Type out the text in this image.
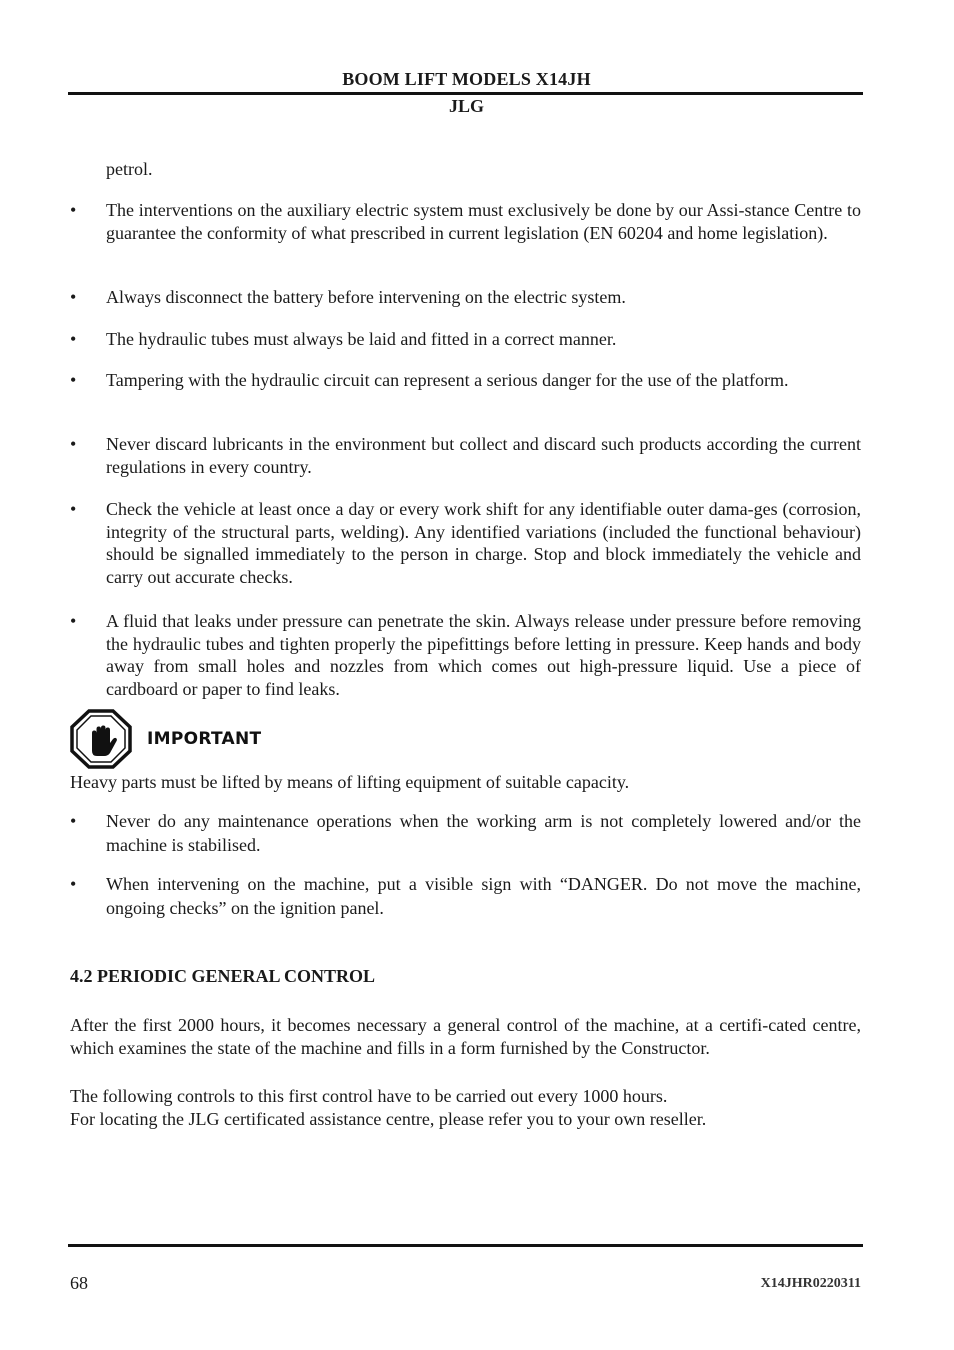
BOOM LIFT MODELS X14JH
JLG

petrol.

• The interventions on the auxiliary electric system must exclusively be done by our Assi-stance Centre to guarantee the conformity of what prescribed in current legislation (EN 60204 and home legislation).

• Always disconnect the battery before intervening on the electric system.

• The hydraulic tubes must always be laid and fitted in a correct manner.

• Tampering with the hydraulic circuit can represent a serious danger for the use of the platform.

• Never discard lubricants in the environment but collect and discard such products according the current regulations in every country.

• Check the vehicle at least once a day or every work shift for any identifiable outer dama-ges (corrosion, integrity of the structural parts, welding). Any identified variations (included the functional behaviour) should be signalled immediately to the person in charge. Stop and block immediately the vehicle and carry out accurate checks.

• A fluid that leaks under pressure can penetrate the skin. Always release under pressure before removing the hydraulic tubes and tighten properly the pipefittings before letting in pressure. Keep hands and body away from small holes and nozzles from which comes out high-pressure liquid. Use a piece of cardboard or paper to find leaks.

IMPORTANT

Heavy parts must be lifted by means of lifting equipment of suitable capacity.

• Never do any maintenance operations when the working arm is not completely lowered and/or the machine is stabilised.

• When intervening on the machine, put a visible sign with “DANGER. Do not move the machine, ongoing checks” on the ignition panel.

4.2 PERIODIC GENERAL CONTROL

After the first 2000 hours, it becomes necessary a general control of the machine, at a certifi-cated centre, which examines the state of the machine and fills in a form furnished by the Constructor.

The following controls to this first control have to be carried out every 1000 hours.

For locating the JLG certificated assistance centre, please refer you to your own reseller.

68	X14JHR0220311
